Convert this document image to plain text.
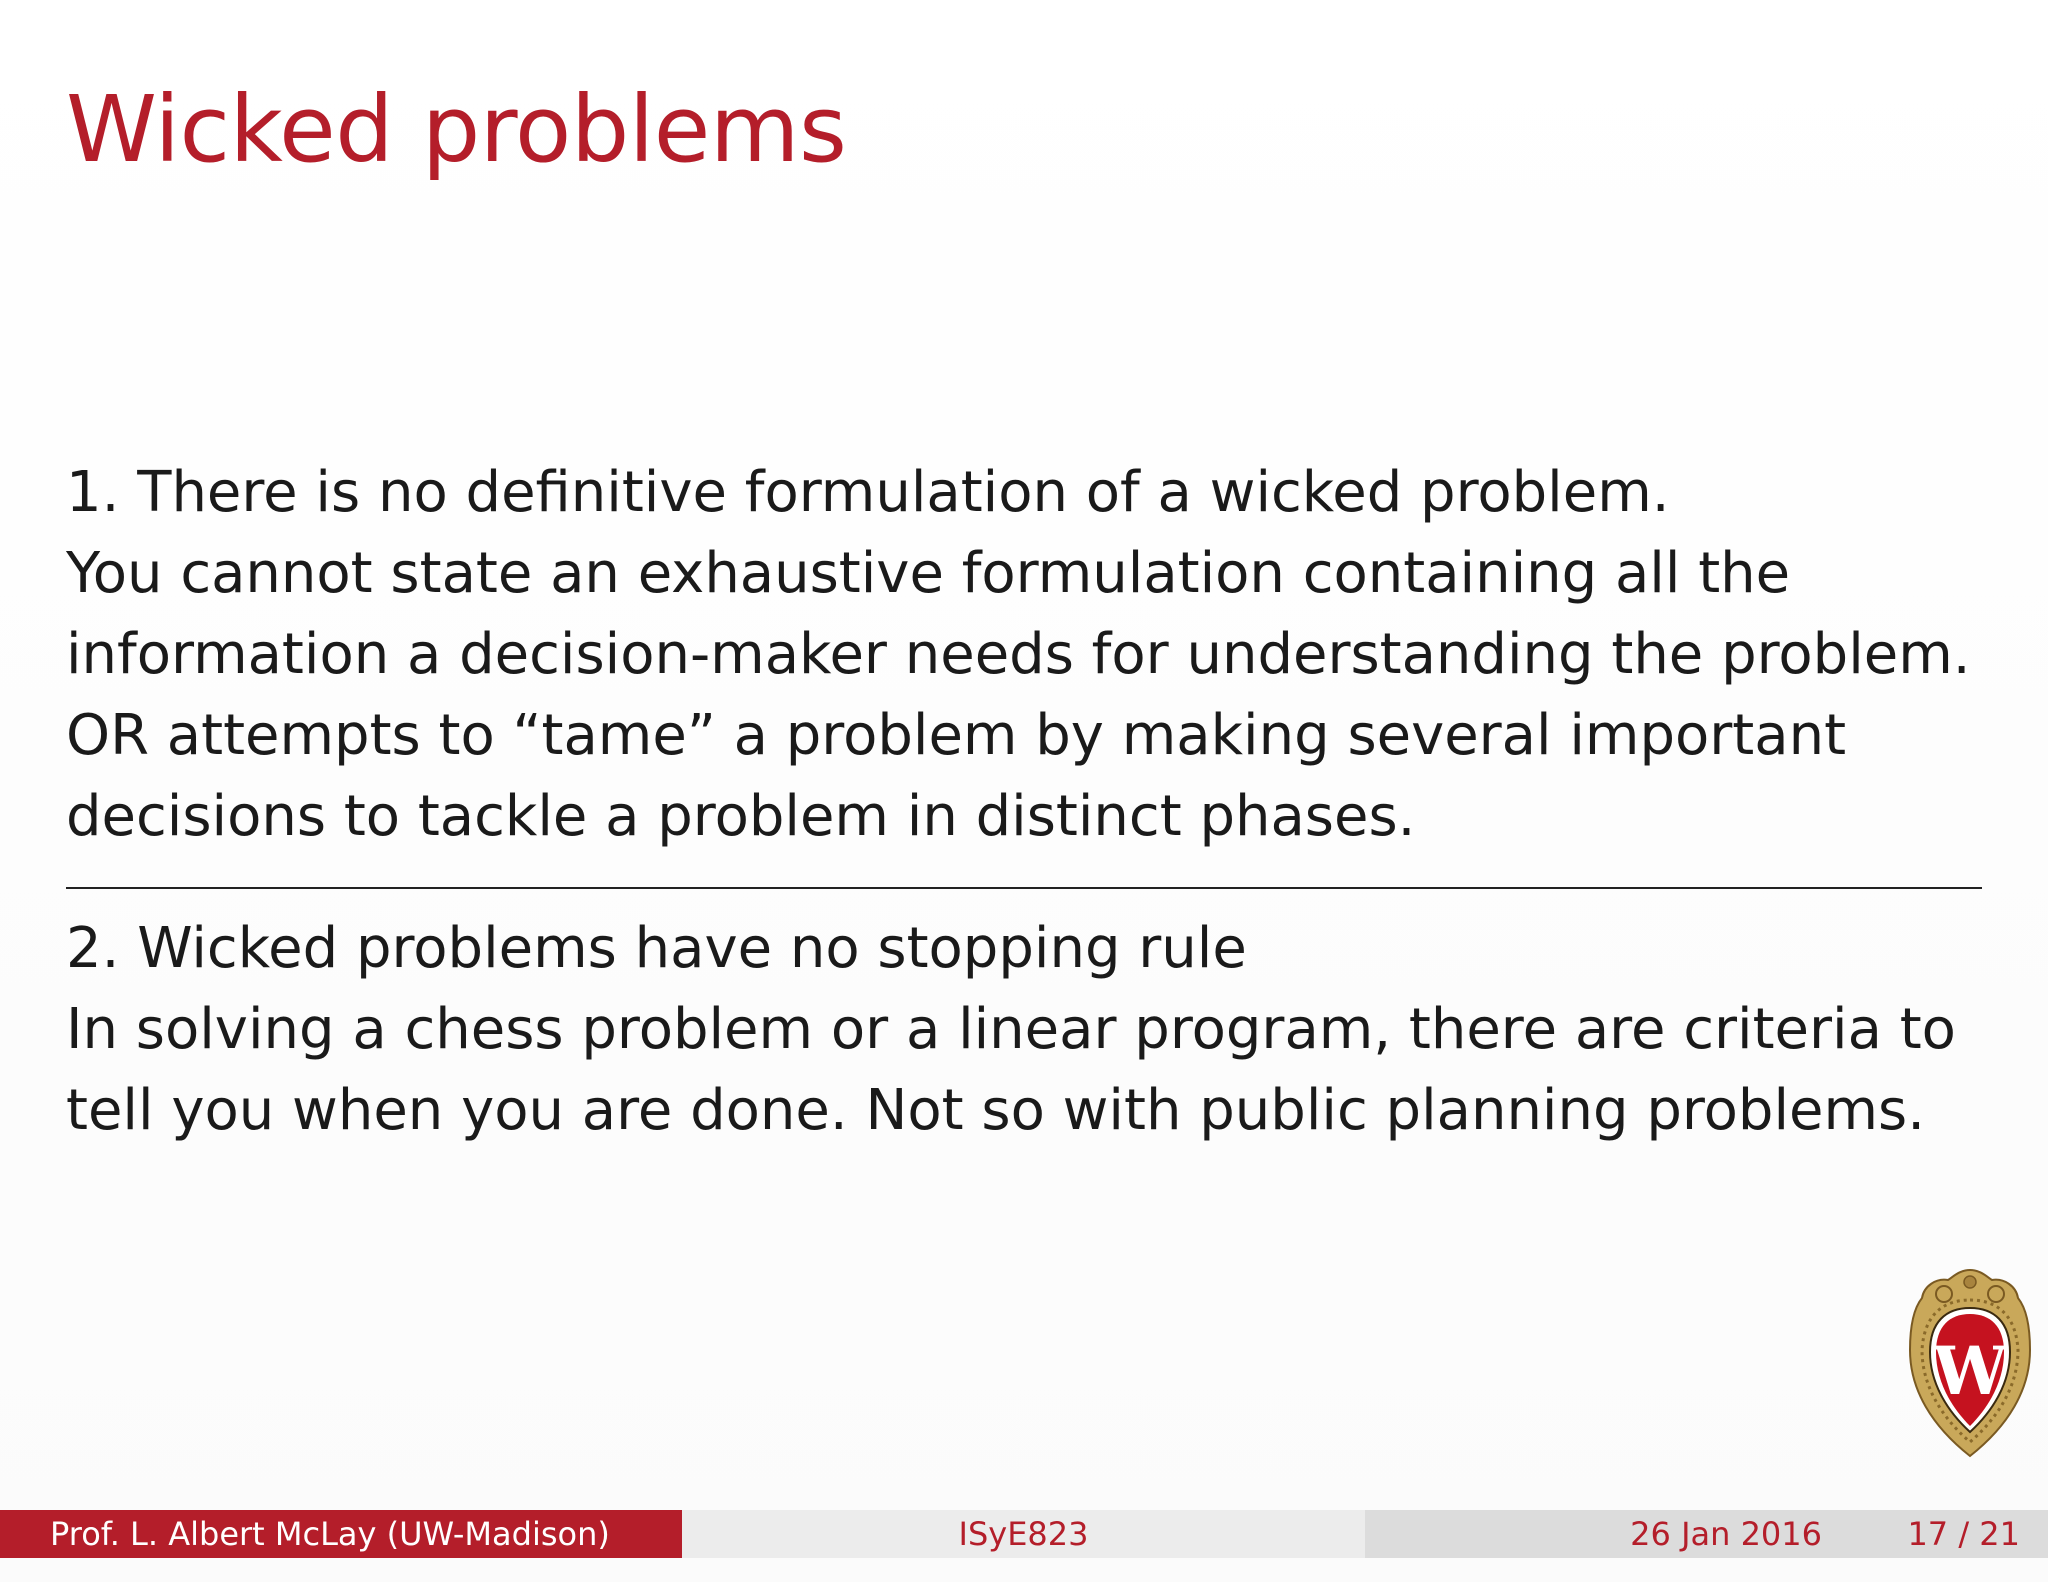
Wicked problems
1. There is no definitive formulation of a wicked problem.
You cannot state an exhaustive formulation containing all the
information a decision-maker needs for understanding the problem.
OR attempts to “tame” a problem by making several important
decisions to tackle a problem in distinct phases.
2. Wicked problems have no stopping rule
In solving a chess problem or a linear program, there are criteria to
tell you when you are done. Not so with public planning problems.
W
Prof. L. Albert McLay (UW-Madison)	ISyE823	26 Jan 2016	17 / 21
